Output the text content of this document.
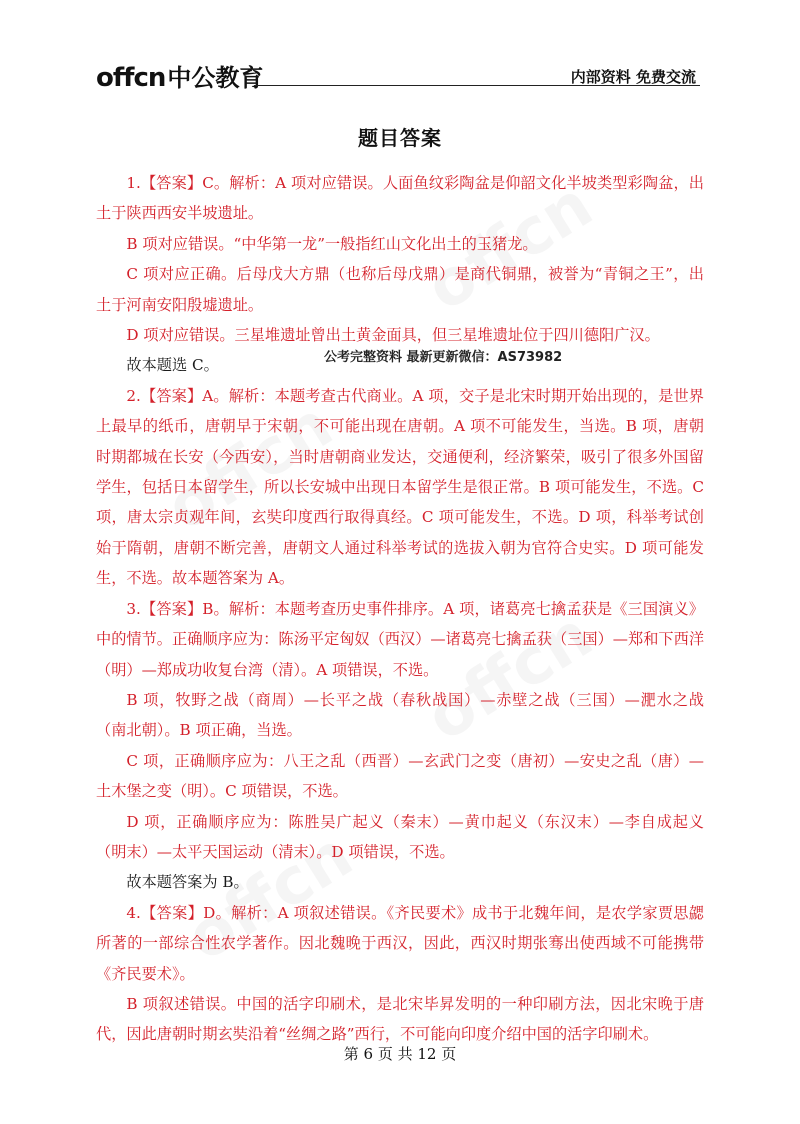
offcn中公教育	内部资料 免费交流
题目答案

1.【答案】C。解析：A 项对应错误。人面鱼纹彩陶盆是仰韶文化半坡类型彩陶盆，出土于陕西西安半坡遗址。

B 项对应错误。“中华第一龙”一般指红山文化出土的玉猪龙。

C 项对应正确。后母戊大方鼎（也称后母戊鼎）是商代铜鼎，被誉为“青铜之王”，出土于河南安阳殷墟遗址。

D 项对应错误。三星堆遗址曾出土黄金面具，但三星堆遗址位于四川德阳广汉。

故本题选 C。

2.【答案】A。解析：本题考查古代商业。A 项，交子是北宋时期开始出现的，是世界上最早的纸币，唐朝早于宋朝，不可能出现在唐朝。A 项不可能发生，当选。B 项，唐朝时期都城在长安（今西安），当时唐朝商业发达，交通便利，经济繁荣，吸引了很多外国留学生，包括日本留学生，所以长安城中出现日本留学生是很正常。B 项可能发生，不选。C 项，唐太宗贞观年间，玄奘印度西行取得真经。C 项可能发生，不选。D 项，科举考试创始于隋朝，唐朝不断完善，唐朝文人通过科举考试的选拔入朝为官符合史实。D 项可能发生，不选。故本题答案为 A。

3.【答案】B。解析：本题考查历史事件排序。A 项，诸葛亮七擒孟获是《三国演义》中的情节。正确顺序应为：陈汤平定匈奴（西汉）—诸葛亮七擒孟获（三国）—郑和下西洋（明）—郑成功收复台湾（清）。A 项错误，不选。

B 项，牧野之战（商周）—长平之战（春秋战国）—赤壁之战（三国）—淝水之战（南北朝）。B 项正确，当选。

C 项，正确顺序应为：八王之乱（西晋）—玄武门之变（唐初）—安史之乱（唐）—土木堡之变（明）。C 项错误，不选。

D 项，正确顺序应为：陈胜吴广起义（秦末）—黄巾起义（东汉末）—李自成起义（明末）—太平天国运动（清末）。D 项错误，不选。

故本题答案为 B。

4.【答案】D。解析：A 项叙述错误。《齐民要术》成书于北魏年间，是农学家贾思勰所著的一部综合性农学著作。因北魏晚于西汉，因此，西汉时期张骞出使西域不可能携带《齐民要术》。

B 项叙述错误。中国的活字印刷术，是北宋毕昇发明的一种印刷方法，因北宋晚于唐代，因此唐朝时期玄奘沿着“丝绸之路”西行，不可能向印度介绍中国的活字印刷术。

公考完整资料 最新更新微信：AS73982
第 6 页 共 12 页
